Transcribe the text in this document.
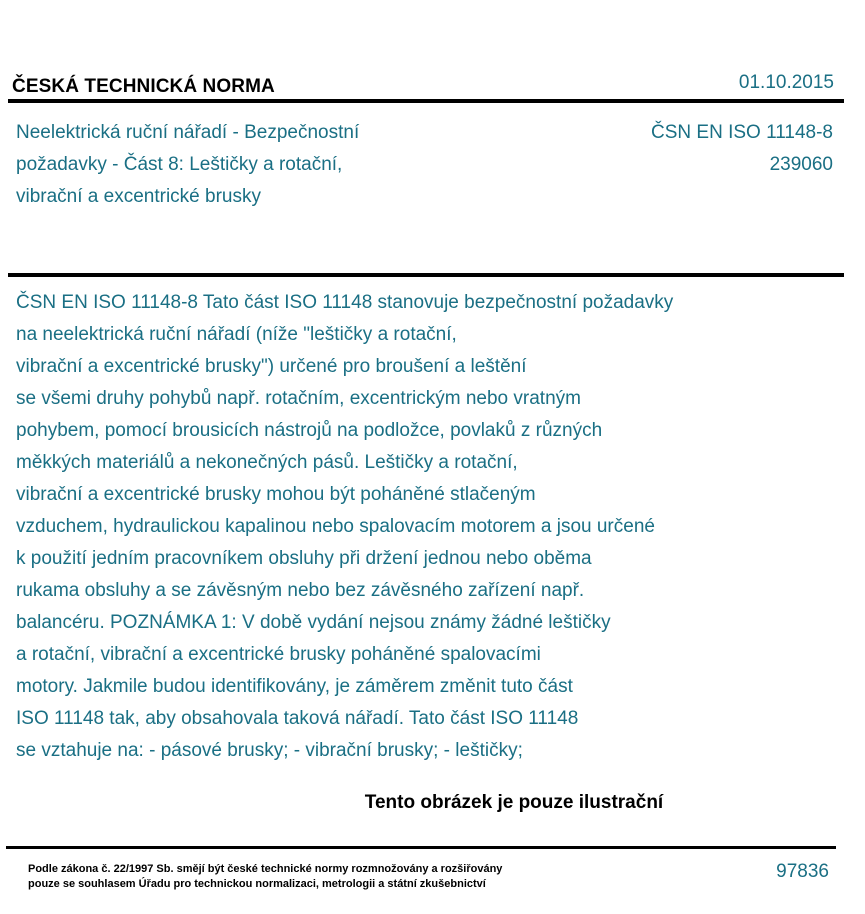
ČESKÁ TECHNICKÁ NORMA	01.10.2015
Neelektrická ruční nářadí - Bezpečnostní
požadavky - Část 8: Leštičky a rotační,
vibrační a excentrické brusky
ČSN EN ISO 11148-8
239060
ČSN EN ISO 11148-8 Tato část ISO 11148 stanovuje bezpečnostní požadavky
na neelektrická ruční nářadí (níže "leštičky a rotační,
vibrační a excentrické brusky") určené pro broušení a leštění
se všemi druhy pohybů např. rotačním, excentrickým nebo vratným
pohybem, pomocí brousicích nástrojů na podložce, povlaků z různých
měkkých materiálů a nekonečných pásů. Leštičky a rotační,
vibrační a excentrické brusky mohou být poháněné stlačeným
vzduchem, hydraulickou kapalinou nebo spalovacím motorem a jsou určené
k použití jedním pracovníkem obsluhy při držení jednou nebo oběma
rukama obsluhy a se závěsným nebo bez závěsného zařízení např.
balancéru. POZNÁMKA 1: V době vydání nejsou známy žádné leštičky
a rotační, vibrační a excentrické brusky poháněné spalovacími
motory. Jakmile budou identifikovány, je záměrem změnit tuto část
ISO 11148 tak, aby obsahovala taková nářadí. Tato část ISO 11148
se vztahuje na: - pásové brusky; - vibrační brusky; - leštičky;
Tento obrázek je pouze ilustrační
Podle zákona č. 22/1997 Sb. smějí být české technické normy rozmnožovány a rozšiřovány
pouze se souhlasem Úřadu pro technickou normalizaci, metrologii a státní zkušebnictví
97836
